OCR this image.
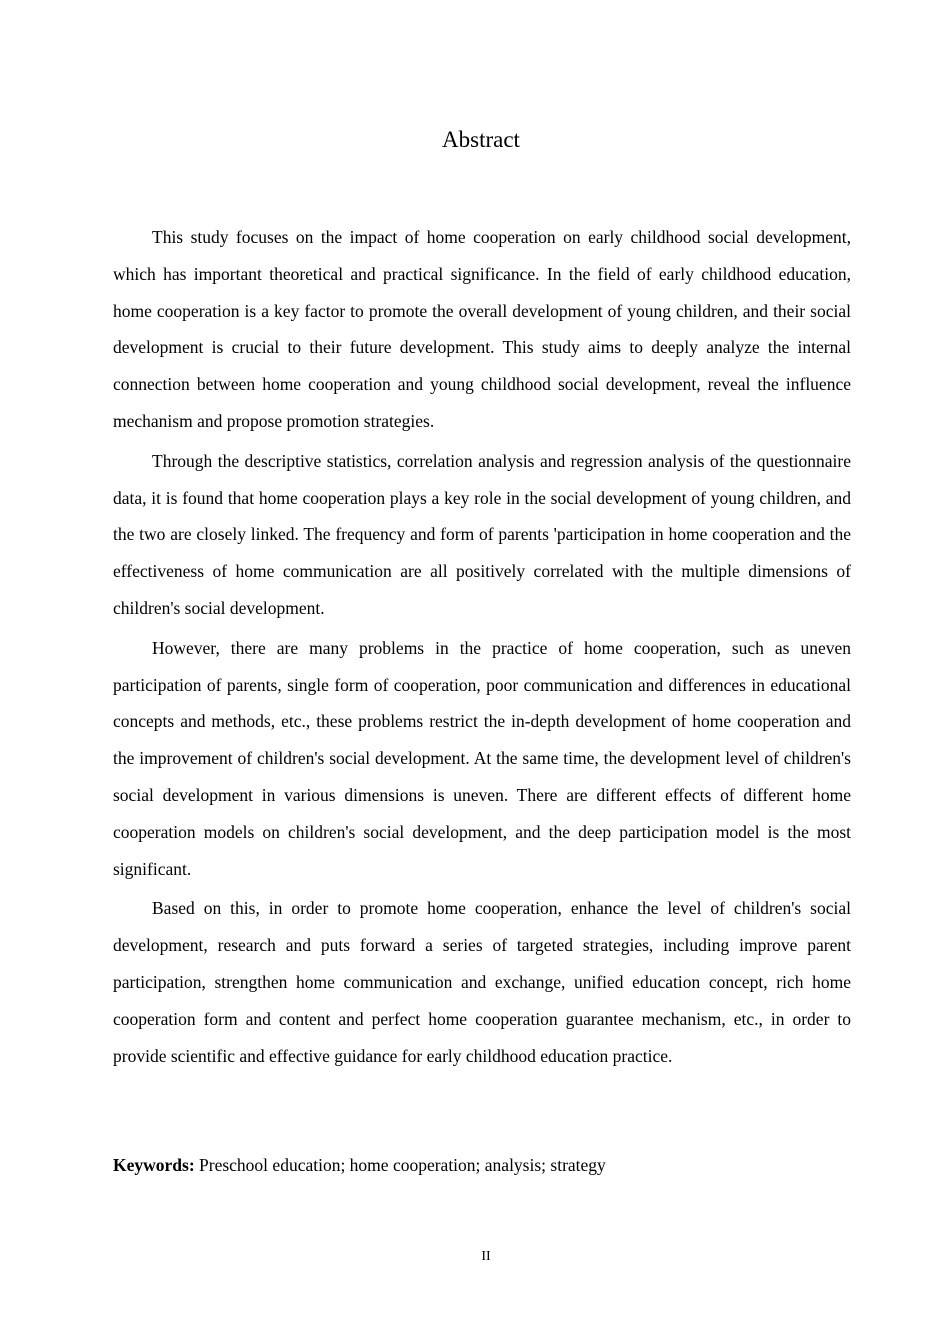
Abstract

This study focuses on the impact of home cooperation on early childhood social development, which has important theoretical and practical significance. In the field of early childhood education, home cooperation is a key factor to promote the overall development of young children, and their social development is crucial to their future development. This study aims to deeply analyze the internal connection between home cooperation and young childhood social development, reveal the influence mechanism and propose promotion strategies.

Through the descriptive statistics, correlation analysis and regression analysis of the questionnaire data, it is found that home cooperation plays a key role in the social development of young children, and the two are closely linked. The frequency and form of parents 'participation in home cooperation and the effectiveness of home communication are all positively correlated with the multiple dimensions of children's social development.

However, there are many problems in the practice of home cooperation, such as uneven participation of parents, single form of cooperation, poor communication and differences in educational concepts and methods, etc., these problems restrict the in-depth development of home cooperation and the improvement of children's social development. At the same time, the development level of children's social development in various dimensions is uneven. There are different effects of different home cooperation models on children's social development, and the deep participation model is the most significant.

Based on this, in order to promote home cooperation, enhance the level of children's social development, research and puts forward a series of targeted strategies, including improve parent participation, strengthen home communication and exchange, unified education concept, rich home cooperation form and content and perfect home cooperation guarantee mechanism, etc., in order to provide scientific and effective guidance for early childhood education practice.

Keywords: Preschool education; home cooperation; analysis; strategy
II
